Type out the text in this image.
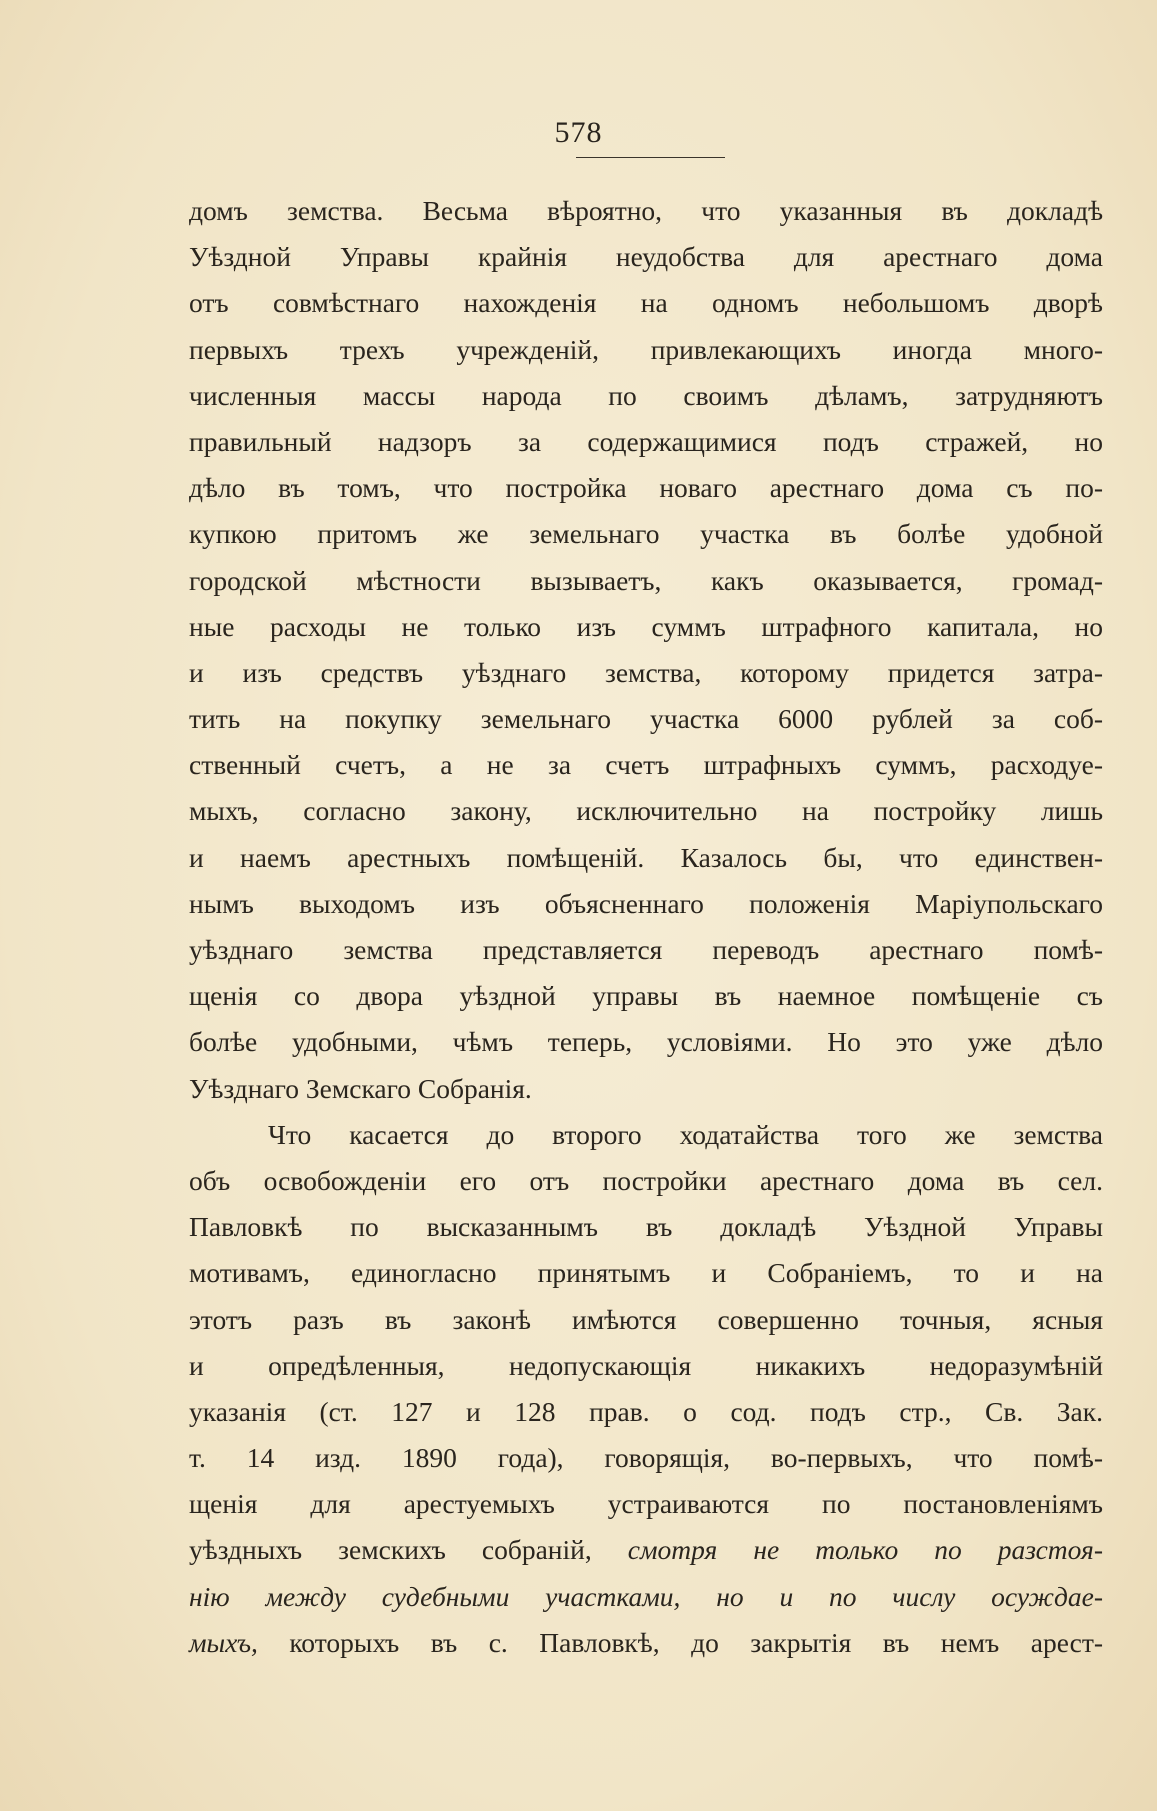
578
домъ земства. Весьма вѣроятно, что указанныя въ докладѣ
Уѣздной Управы крайнія неудобства для арестнаго дома
отъ совмѣстнаго нахожденія на одномъ небольшомъ дворѣ
первыхъ трехъ учрежденій, привлекающихъ иногда много-
численныя массы народа по своимъ дѣламъ, затрудняютъ
правильный надзоръ за содержащимися подъ стражей, но
дѣло въ томъ, что постройка новаго арестнаго дома съ по-
купкою притомъ же земельнаго участка въ болѣе удобной
городской мѣстности вызываетъ, какъ оказывается, громад-
ные расходы не только изъ суммъ штрафного капитала, но
и изъ средствъ уѣзднаго земства, которому придется затра-
тить на покупку земельнаго участка 6000 рублей за соб-
ственный счетъ, а не за счетъ штрафныхъ суммъ, расходуе-
мыхъ, согласно закону, исключительно на постройку лишь
и наемъ арестныхъ помѣщеній. Казалось бы, что единствен-
нымъ выходомъ изъ объясненнаго положенія Маріупольскаго
уѣзднаго земства представляется переводъ арестнаго помѣ-
щенія со двора уѣздной управы въ наемное помѣщеніе съ
болѣе удобными, чѣмъ теперь, условіями. Но это уже дѣло
Уѣзднаго Земскаго Собранія.
Что касается до второго ходатайства того же земства
объ освобожденіи его отъ постройки арестнаго дома въ сел.
Павловкѣ по высказаннымъ въ докладѣ Уѣздной Управы
мотивамъ, единогласно принятымъ и Собраніемъ, то и на
этотъ разъ въ законѣ имѣются совершенно точныя, ясныя
и опредѣленныя, недопускающія никакихъ недоразумѣній
указанія (ст. 127 и 128 прав. о сод. подъ стр., Св. Зак.
т. 14 изд. 1890 года), говорящія, во-первыхъ, что помѣ-
щенія для арестуемыхъ устраиваются по постановленіямъ
уѣздныхъ земскихъ собраній, смотря не только по разстоя-
нію между судебными участками, но и по числу осуждае-
мыхъ, которыхъ въ с. Павловкѣ, до закрытія въ немъ арест-
